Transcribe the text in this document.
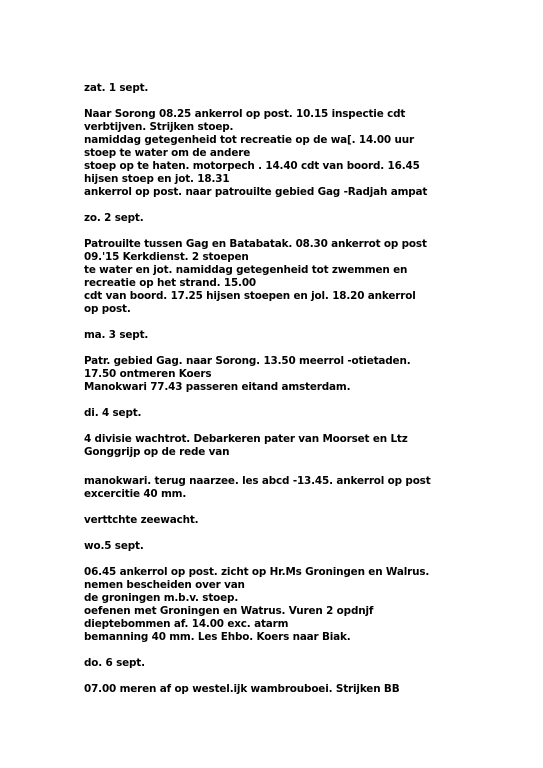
zat. 1 sept.

Naar Sorong 08.25 ankerrol op post. 10.15 inspectie cdt

verbtijven. Strijken stoep.

namiddag getegenheid tot recreatie op de wa[. 14.00 uur

stoep te water om de andere

stoep op te haten. motorpech . 14.40 cdt van boord. 16.45

hijsen stoep en jot. 18.31

ankerrol op post. naar patrouilte gebied Gag -Radjah ampat

zo. 2 sept.

Patrouilte tussen Gag en Batabatak. 08.30 ankerrot op post

09.'15 Kerkdienst. 2 stoepen

te water en jot. namiddag getegenheid tot zwemmen en

recreatie op het strand. 15.00

cdt van boord. 17.25 hijsen stoepen en jol. 18.20 ankerrol

op post.

ma. 3 sept.

Patr. gebied Gag. naar Sorong. 13.50 meerrol -otietaden.

17.50 ontmeren Koers

Manokwari 77.43 passeren eitand amsterdam.

di. 4 sept.

4 divisie wachtrot. Debarkeren pater van Moorset en Ltz

Gonggrijp op de rede van

manokwari. terug naarzee. les abcd -13.45. ankerrol op post

excercitie 40 mm.

verttchte zeewacht.

wo.5 sept.

06.45 ankerrol op post. zicht op Hr.Ms Groningen en Walrus.

nemen bescheiden over van

de groningen m.b.v. stoep.

oefenen met Groningen en Watrus. Vuren 2 opdnjf

dieptebommen af. 14.00 exc. atarm

bemanning 40 mm. Les Ehbo. Koers naar Biak.

do. 6 sept.

07.00 meren af op westel.ijk wambrouboei. Strijken BB
